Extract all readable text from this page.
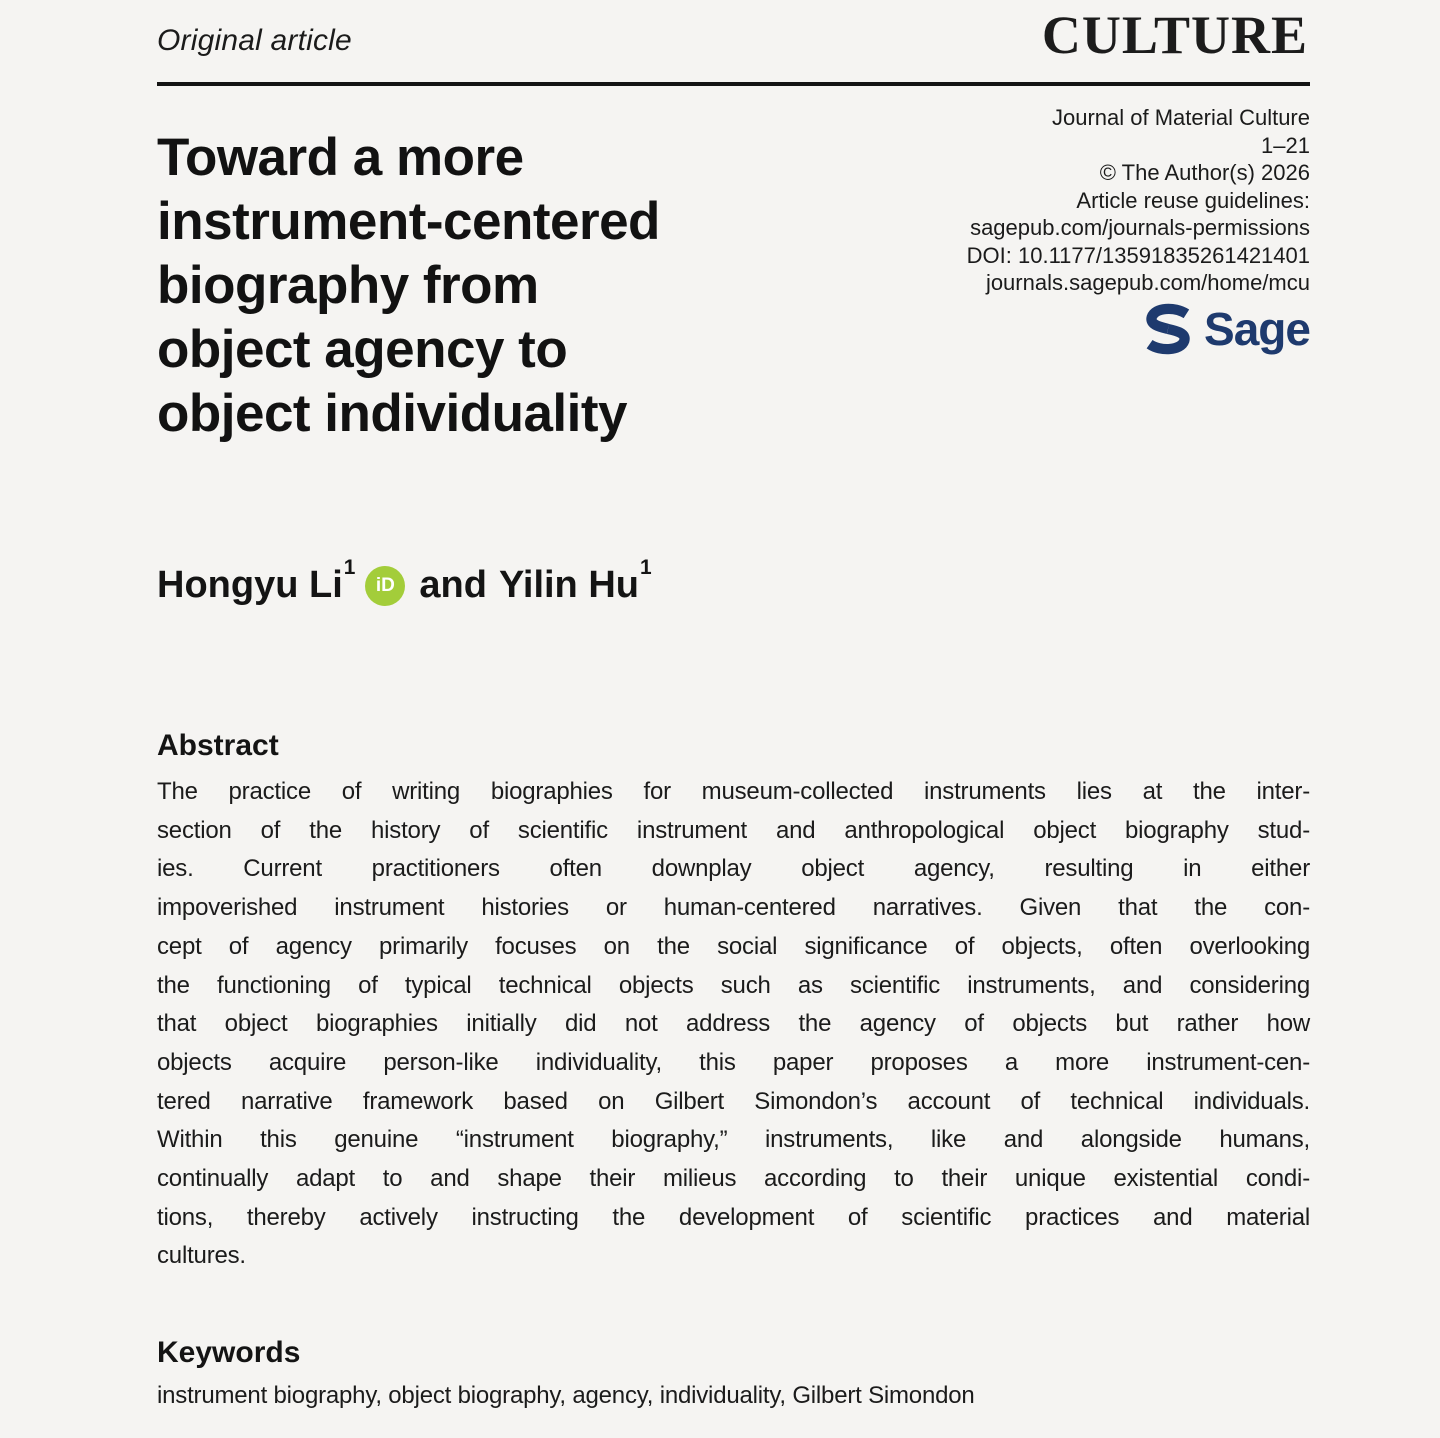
Original article	CULTURE
Toward a more
instrument-centered
biography from
object agency to
object individuality
Journal of Material Culture
1–21
© The Author(s) 2026
Article reuse guidelines:
sagepub.com/journals-permissions
DOI: 10.1177/13591835261421401
journals.sagepub.com/home/mcu
Sage
Hongyu Li$^1$
iD and Yilin Hu$^1$
Abstract
The practice of writing biographies for museum-collected instruments lies at the inter-
section of the history of scientific instrument and anthropological object biography stud-
ies. Current practitioners often downplay object agency, resulting in either
impoverished instrument histories or human-centered narratives. Given that the con-
cept of agency primarily focuses on the social significance of objects, often overlooking
the functioning of typical technical objects such as scientific instruments, and considering
that object biographies initially did not address the agency of objects but rather how
objects acquire person-like individuality, this paper proposes a more instrument-cen-
tered narrative framework based on Gilbert Simondon’s account of technical individuals.
Within this genuine “instrument biography,” instruments, like and alongside humans,
continually adapt to and shape their milieus according to their unique existential condi-
tions, thereby actively instructing the development of scientific practices and material
cultures.
Keywords
instrument biography, object biography, agency, individuality, Gilbert Simondon
